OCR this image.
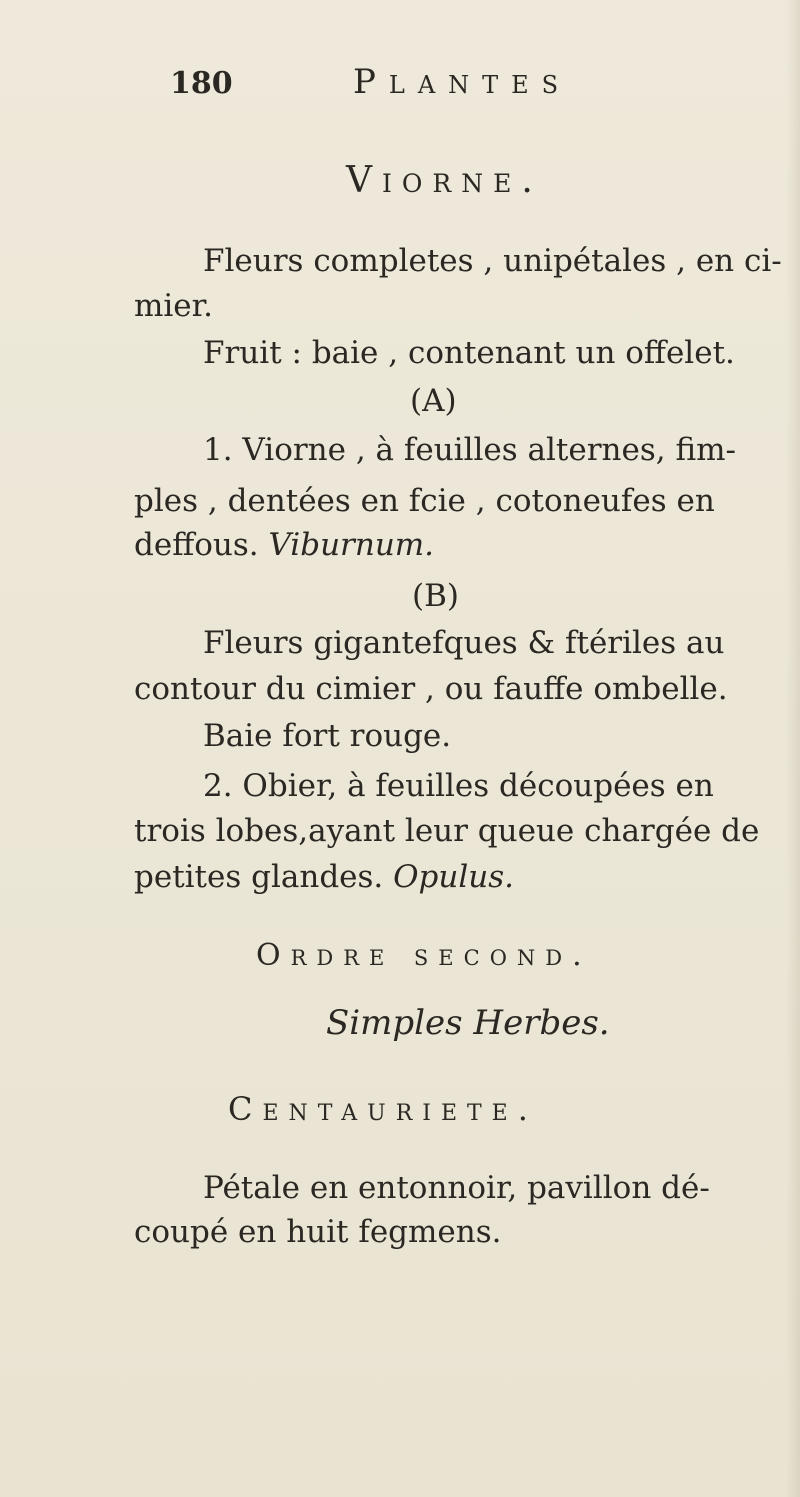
180	Plantes
Viorne.
Fleurs completes , unipétales , en ci-
mier.
Fruit : baie , contenant un offelet.
(A)
1. Viorne , à feuilles alternes, fim-
ples , dentées en fcie , cotoneufes en
deffous. Viburnum.
(B)
Fleurs gigantefques & ftériles au
contour du cimier , ou fauffe ombelle.
Baie fort rouge.
2. Obier, à feuilles découpées en
trois lobes,ayant leur queue chargée de
petites glandes. Opulus.
Ordre second.
Simples Herbes.
Centauriete.
Pétale en entonnoir, pavillon dé-
coupé en huit fegmens.
